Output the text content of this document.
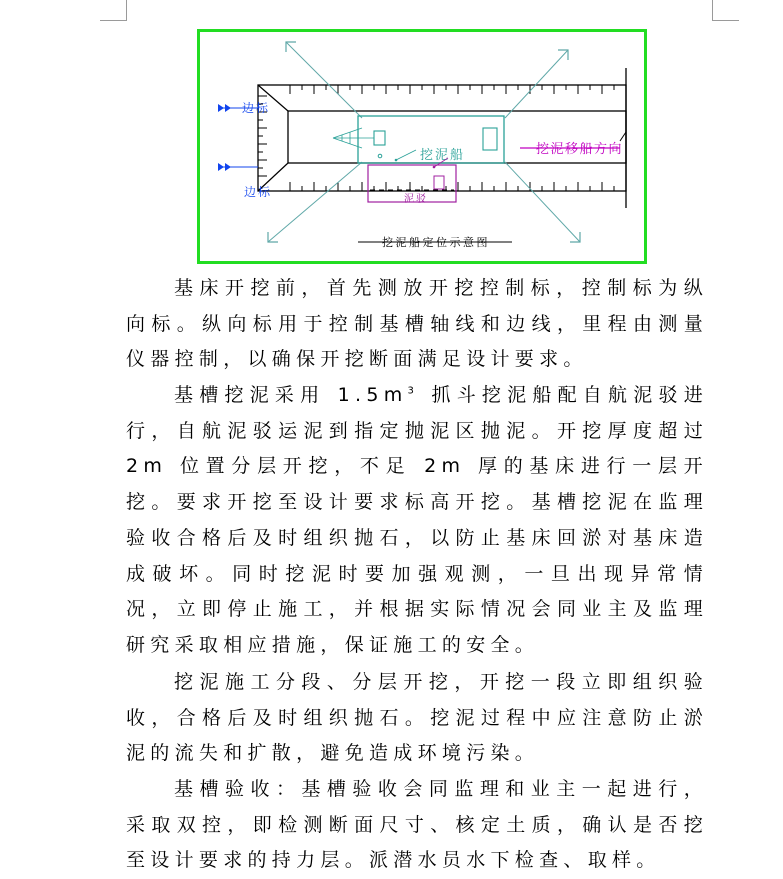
挖泥船
泥驳
挖泥移船方向
边标
边标
挖泥船定位示意图

基床开挖前，首先测放开挖控制标，控制标为纵向标。纵向标用于控制基槽轴线和边线，里程由测量仪器控制，以确保开挖断面满足设计要求。

基槽挖泥采用 $1.5m^3$ 抓斗挖泥船配自航泥驳进行，自航泥驳运泥到指定抛泥区抛泥。开挖厚度超过 2m 位置分层开挖，不足 2m 厚的基床进行一层开挖。要求开挖至设计要求标高开挖。基槽挖泥在监理验收合格后及时组织抛石，以防止基床回淤对基床造成破坏。同时挖泥时要加强观测，一旦出现异常情况，立即停止施工，并根据实际情况会同业主及监理研究采取相应措施，保证施工的安全。

挖泥施工分段、分层开挖，开挖一段立即组织验收，合格后及时组织抛石。挖泥过程中应注意防止淤泥的流失和扩散，避免造成环境污染。

基槽验收：基槽验收会同监理和业主一起进行，采取双控，即检测断面尺寸、核定土质，确认是否挖至设计要求的持力层。派潜水员水下检查、取样。
